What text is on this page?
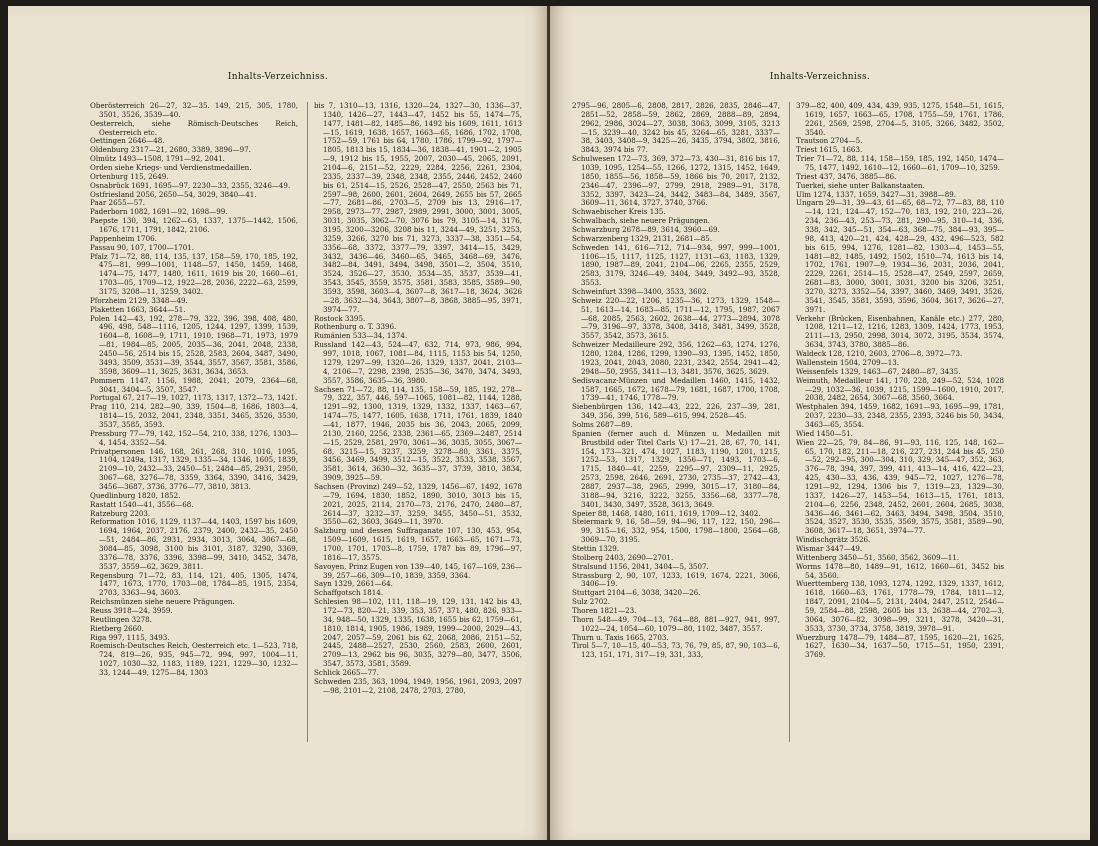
Inhalts-Verzeichniss.

Oberösterreich 26—27, 32—35. 149, 215, 305, 1780, 3501, 3526, 3539—40.

Oesterreich, siehe Römisch-Deutsches Reich, Oesterreich etc.

Oettingen 2646—48.

Oldenburg 2317—21, 2680, 3389, 3896—97.

Olmütz 1493—1508, 1791—92, 2041.

Orden siehe Kriegs- und Verdienstmedaillen.

Ortenburg 115, 2649.

Osnabrück 1691, 1695—97, 2230—33, 2355, 3246—49.

Ostfriesland 2056, 2650—54, 3029, 3840—41.

Paar 2655—57.

Paderborn 1082, 1691—92, 1698—99.

Paepste 130, 394, 1262—63, 1337, 1375—1442, 1506, 1676, 1711, 1791, 1842, 2106.

Pappenheim 1706.

Passau 90, 107, 1700—1701.

Pfalz 71—72, 88, 114, 135, 137, 158—59, 170, 185, 192, 475—81, 999—1001, 1148—57, 1450, 1459, 1468, 1474—75, 1477, 1480, 1611, 1619 bis 20, 1660—61, 1703—05, 1709—12, 1922—28, 2036, 2222—63, 2599, 3175, 3208—11, 3259, 3402.

Pforzheim 2129, 3348—49.

Plaketten 1663, 3644—51.

Polen 142—43, 192, 278—79, 322, 396, 398, 408, 480, 496, 498, 548—1116, 1205, 1244, 1297, 1399, 1539, 1604—8, 1608—9, 1711, 1910, 1968—71, 1973, 1979—81, 1984—85, 2005, 2035—36, 2041, 2048, 2338, 2450—56, 2514 bis 15, 2528, 2583, 2604, 3487, 3490, 3493, 3509, 3531—39, 3544, 3557, 3567, 3581, 3586, 3598, 3609—11, 3625, 3631, 3634, 3653.

Pommern 1147, 1156, 1988, 2041, 2079, 2364—68, 3041, 3404—5, 3507, 3547.

Portugal 67, 217—19, 1027, 1173, 1317, 1372—73, 1421.

Prag 110, 214, 282—90, 339, 1504—8, 1686, 1803—4, 1814—15, 2032, 2041, 2348, 3351, 3465, 3526, 3530, 3537, 3585, 3593.

Pressburg 77—79, 142, 152—54, 210, 338, 1276, 1303—4, 1454, 3352—54.

Privatpersonen 146, 168, 261, 268, 310, 1016, 1095, 1104, 1249a, 1317, 1329, 1335—34, 1346, 1605, 1839, 2109—10, 2432—33, 2450—51, 2484—85, 2931, 2950, 3067—68, 3276—78, 3359, 3364, 3390, 3416, 3429, 3456—3687, 3736, 3776—77, 3810, 3813.

Quedlinburg 1820, 1852.

Rastatt 1540—41, 3556—68.

Ratzeburg 2203.

Reformation 1016, 1129, 1137—44, 1403, 1597 bis 1609, 1694, 1964, 2037, 2176, 2379, 2400, 2432—35, 2450—51, 2484—86, 2931, 2934, 3013, 3064, 3067—68, 3084—85, 3098, 3100 bis 3101, 3187, 3290, 3369, 3376—78, 3376, 3396, 3398—99, 3410, 3452, 3478, 3537, 3559—62, 3629, 3811.

Regensburg 71—72, 83, 114, 121, 405, 1305, 1474, 1477, 1673, 1770, 1703—08, 1784—85, 1915, 2354, 2703, 3363—94, 3603.

Reichsmünzen siehe neuere Prägungen.

Reuss 3918—24, 3959.

Reutlingen 3278.

Rietberg 2660.

Riga 997, 1115, 3493.

Roemisch-Deutsches Reich, Oesterreich etc. 1—523, 718, 724, 819—26, 935, 945—72, 994, 997, 1004—11, 1027, 1030—32, 1183, 1189, 1221, 1229—30, 1232—33, 1244—49, 1275—84, 1303

bis 7, 1310—13, 1316, 1320—24, 1327—30, 1336—37, 1340, 1426—27, 1443—47, 1452 bis 55, 1474—75, 1477, 1481—82, 1485—86, 1492 bis 1609, 1611, 1613—15, 1619, 1638, 1657, 1663—65, 1686, 1702, 1708, 1752—59, 1761 bis 64, 1780, 1786, 1799—92, 1797—1805, 1813 bis 15, 1834—36, 1838—41, 1901—2, 1905—9, 1912 bis 15, 1955, 2007, 2030—45, 2065, 2091, 2104—6, 2151—52, 2229, 2284, 2256, 2261, 2304, 2335, 2337—39, 2348, 2348, 2355, 2446, 2452, 2460 bis 61, 2514—15, 2526, 2528—47, 2550, 2563 bis 71, 2597—98, 2600, 2601, 2604, 2649, 2655 bis 57, 2665—77, 2681—86, 2703—5, 2709 bis 13, 2916—17, 2958, 2973—77, 2987, 2989, 2991, 3000, 3001, 3005, 3031, 3035, 3062—70, 3076 bis 79, 3105—14, 3176, 3195, 3200—3206, 3208 bis 11, 3244—49, 3251, 3253, 3259, 3266, 3270 bis 71, 3273, 3337—38, 3351—54, 3356—68, 3372, 3377—79, 3397, 3414—15, 3429, 3432, 3436—46, 3460—65, 3465, 3468—69, 3476, 3482—84, 3491, 3494, 3498, 3501—2, 3504, 3510, 3524, 3526—27, 3530, 3534—35, 3537, 3539—41, 3543, 3545, 3559, 3575, 3581, 3583, 3585, 3589—90, 3593, 3598, 3603—4, 3607—8, 3617—18, 3624, 3626—28, 3632—34, 3643, 3807—8, 3868, 3885—95, 3971, 3974—77.

Rostock 3395.

Rothenburg o. T. 3396.

Rumänien 533—34, 1374.

Russland 142—43, 524—47, 632, 714, 973, 986, 994, 997, 1018, 1067, 1081—84, 1115, 1153 bis 54, 1250, 1279, 1297—99, 1320—26, 1329, 1337, 2041, 2103—4, 2106—7, 2298, 2398, 2535—36, 3470, 3474, 3493, 3557, 3586, 3635—36, 3980.

Sachsen 71—72, 88, 114, 135, 158—59, 185, 192, 278—79, 322, 357, 446, 597—1065, 1081—82, 1144, 1288, 1291—92, 1300, 1319, 1329, 1332, 1337, 1463—67, 1474—75, 1477, 1605, 1638, 1711, 1761, 1839, 1840—41, 1877, 1946, 2035 bis 36, 2043, 2065, 2099, 2130, 2160, 2256, 2338, 2361—65, 2369—2487, 2514—15, 2529, 2581, 2970, 3061—36, 3035, 3055, 3067—68, 3215—15, 3237, 3259, 3278—80, 3361, 3375, 3456, 3469, 3499, 3512—15, 3522, 3533, 3538, 3567, 3581, 3614, 3630—32, 3635—37, 3739, 3810, 3834, 3909, 3925—59.

Sachsen (Provinz) 249—52, 1329, 1456—67, 1492, 1678—79, 1694, 1830, 1852, 1890, 3010, 3013 bis 15, 2021, 2025, 2114, 2170—73, 2176, 2470, 2480—87, 2614—37, 3232—37, 3259, 3455, 3450—51, 3532, 3550—62, 3603, 3649—11, 3970.

Salzburg und dessen Suffraganate 107, 130, 453, 954, 1509—1609, 1615, 1619, 1657, 1663—65, 1671—73, 1700, 1701, 1703—8, 1759, 1787 bis 89, 1796—97, 1816—17, 3575.

Savoyen, Prinz Eugen von 139—40, 145, 167—169, 236—39, 257—66, 309—10, 1839, 3359, 3364.

Sayn 1329, 2661—64.

Schaffgotsch 1814.

Schlesien 98—102, 111, 118—19, 129, 131, 142 bis 43, 172—73, 820—21, 339, 353, 357, 371, 480, 826, 933—34, 948—50, 1329, 1335, 1638, 1655 bis 62, 1759—61, 1810, 1814, 1905, 1986, 1989, 1999—2000, 2029—43, 2047, 2057—59, 2061 bis 62, 2068, 2086, 2151—52, 2445, 2488—2527, 2530, 2560, 2583, 2600, 2601, 2709—13, 2962 bis 96, 3035, 3279—80, 3477, 3506, 3547, 3573, 3581, 3589.

Schlick 2665—77.

Schweden 235, 363, 1094, 1949, 1956, 1961, 2093, 2097—98, 2101—2, 2108, 2478, 2703, 2780,

Inhalts-Verzeichniss.

2795—96, 2805—6, 2808, 2817, 2826, 2835, 2846—47, 2851—52, 2858—59, 2862, 2869, 2888—89, 2894, 2962, 2986, 3024—27, 3038, 3063, 3099, 3105, 3213—15, 3239—40, 3242 bis 45, 3264—65, 3281, 3337—38, 3403, 3408—9, 3425—26, 3435, 3794, 3802, 3816, 3843, 3974 bis 77.

Schulwesen 172—73, 369, 372—73, 430—31, 816 bis 17, 1039, 1095, 1254—55, 1266, 1272, 1315, 1452, 1649, 1850, 1855—56, 1858—59, 1866 bis 70, 2017, 2132, 2346—47, 2396—97, 2799, 2918, 2989—91, 3178, 3352, 3397, 3423—24, 3442, 3483—84, 3489, 3567, 3609—11, 3614, 3727, 3740, 3766.

Schwaebischer Kreis 135.

Schwalbach, siehe neuere Prägungen.

Schwarzburg 2678—89, 3614, 3960—69.

Schwarzenberg 1329, 2131, 2681—85.

Schweden 141, 616—712, 714—934, 997, 999—1001, 1106—15, 1117, 1125, 1127, 1131—63, 1183, 1329, 1890, 1987—89, 2041, 2104—06, 2265, 2355, 2529, 2583, 3179, 3246—49, 3404, 3449, 3492—93, 3528, 3553.

Schweinfurt 3398—3400, 3533, 3602.

Schweiz 220—22, 1206, 1235—36, 1273, 1329, 1548—51, 1613—14, 1683—85, 1711—12, 1795, 1987, 2067—68, 2085, 2563, 2602, 2638—44, 2773—2894, 3078—79, 3196—97, 3378, 3408, 3418, 3481, 3499, 3528, 3557, 3542, 3573, 3615.

Schweizer Medailleure 292, 356, 1262—63, 1274, 1276, 1280, 1284, 1286, 1299, 1390—93, 1395, 1452, 1850, 1923, 2041, 2043, 2080, 2231, 2342, 2554, 2941—42, 2948—50, 2955, 3411—13, 3481, 3576, 3625, 3629.

Sedisvacanz-Münzen und Medaillen 1460, 1415, 1432, 1587, 1665, 1672, 1678—79, 1681, 1687, 1700, 1708, 1739—41, 1746, 1778—79.

Siebenbürgen 136, 142—43, 222, 226, 237—39, 281, 349, 356, 399, 516, 589—615, 994, 2528—45.

Solms 2687—89.

Spanien (ferner auch d. Münzen u. Medaillen mit Brustbild oder Titel Carls V.) 17—21, 28, 67, 70, 141, 154, 173—321, 474, 1027, 1183, 1190, 1201, 1215, 1252—53, 1317, 1329, 1356—71, 1493, 1703—6, 1715, 1840—41, 2259, 2295—97, 2309—11, 2925, 2573, 2598, 2646, 2691, 2730, 2735—37, 2742—43, 2887, 2937—38, 2965, 2999, 3015—17, 3180—84, 3188—94, 3216, 3222, 3255, 3356—68, 3377—78, 3401, 3430, 3497, 3528, 3613, 3649.

Speier 88, 1468, 1480, 1611, 1619, 1709—12, 3402.

Steiermark 9, 16, 58—59, 94—96, 117, 122, 150, 296—99, 315—16, 332, 954, 1500, 1798—1800, 2564—68, 3069—70, 3195.

Stettin 1329.

Stolberg 2403, 2690—2701.

Stralsund 1156, 2041, 3404—5, 3507.

Strassburg 2, 90, 107, 1233, 1619, 1674, 2221, 3066, 3406—19.

Stuttgart 2104—6, 3038, 3420—26.

Sulz 2702.

Thoren 1821—23.

Thorn 548—49, 704—13, 764—88, 881—927, 941, 997, 1022—24, 1054—60, 1079—80, 1102, 3487, 3557.

Thurn u. Taxis 1665, 2703.

Tirol 5—7, 10—15, 40—53, 73, 76, 79, 85, 87, 90, 103—6, 123, 151, 171, 317—19, 331, 333,

379—82, 400, 409, 434, 439, 935, 1275, 1548—51, 1615, 1619, 1657, 1663—65, 1708, 1755—59, 1761, 1786, 2261, 2569, 2598, 2704—5, 3105, 3266, 3482, 3502, 3540.

Trautson 2704—5.

Triest 1615, 1663.

Trier 71—72, 88, 114, 158—159, 185, 192, 1450, 1474—75, 1477, 1492, 1610—12, 1660—61, 1709—10, 3259.

Triest 437, 3476, 3885—86.

Tuerkei, siehe unter Balkanstaaten.

Ulm 1274, 1337, 1659, 3427—31, 3988—89.

Ungarn 29—31, 39—43, 61—65, 68—72, 77—83, 88, 110—14, 121, 124—47, 152—70, 183, 192, 210, 223—26, 234, 236—43, 253—73, 281, 290—95, 310—14, 336, 338, 342, 345—51, 354—63, 368—75, 384—93, 395—98, 413, 420—21, 424, 428—29, 432, 496—523, 582 bis 615, 994, 1276, 1281—82, 1303—4, 1453—55, 1481—82, 1485, 1492, 1502, 1510—74, 1613 bis 14, 1702, 1761, 1907—9, 1934—36, 2031, 2036, 2041, 2229, 2261, 2514—15, 2528—47, 2549, 2597, 2659, 2681—83, 3000, 3001, 3031, 3200 bis 3206, 3251, 3270, 3273, 3352—54, 3397, 3460, 3469, 3491, 3526, 3541, 3545, 3581, 3593, 3596, 3604, 3617, 3626—27, 3971.

Verkehr (Brücken, Eisenbahnen, Kanäle etc.) 277, 280, 1208, 1211—12, 1216, 1283, 1309, 1424, 1773, 1953, 2111—13, 2950, 2998, 3014, 3072, 3195, 3534, 3574, 3634, 3743, 3780, 3885—86.

Waldeck 128, 1210, 2603, 2706—8, 3972—73.

Wallenstein 1504, 2709—13.

Weissenfels 1329, 1463—67, 2480—87, 3435.

Weimuth, Medailleur 141, 170, 228, 249—52, 524, 1028—29, 1032—36, 1039, 1215, 1599—1600, 1910, 2017, 2038, 2482, 2654, 3067—68, 3560, 3664.

Westphalen 394, 1459, 1682, 1691—93, 1695—99, 1781, 2037, 2230—33, 2348, 2355, 2393, 3246 bis 50, 3434, 3463—65, 3554.

Wied 1450—51.

Wien 22—25, 79, 84—86, 91—93, 116, 125, 148, 162—65, 170, 182, 211—18, 216, 227, 231, 244 bis 45, 250—52, 292—95, 300—304, 310, 329, 345—47, 352, 363, 376—78, 394, 397, 399, 411, 413—14, 416, 422—23, 425, 430—33, 436, 439, 945—72, 1027, 1276—78, 1291—92, 1294, 1306 bis 7, 1319—23, 1329—30, 1337, 1426—27, 1453—54, 1613—15, 1761, 1813, 2104—6, 2256, 2348, 2452, 2601, 2604, 2685, 3038, 3436—46, 3461—62, 3463, 3494, 3498, 3504, 3510, 3524, 3527, 3530, 3535, 3569, 3575, 3581, 3589—90, 3608, 3617—18, 3651, 3974—77.

Windischgrätz 3526.

Wismar 3447—49.

Wittenberg 3450—51, 3560, 3562, 3609—11.

Worms 1478—80, 1489—91, 1612, 1660—61, 3452 bis 54, 3560.

Wuerttemberg 138, 1093, 1274, 1292, 1329, 1337, 1612, 1618, 1660—63, 1761, 1778—79, 1784, 1811—12, 1847, 2091, 2104—5, 2131, 2404, 2447, 2512, 2546—59, 2584—88, 2598, 2605 bis 13, 2638—44, 2702—3, 3064, 3076—82, 3098—99, 3211, 3278, 3420—31, 3533, 3730, 3734, 3758, 3819, 3978—91.

Wuerzburg 1478—79, 1484—87, 1595, 1620—21, 1625, 1627, 1630—34, 1637—50, 1715—51, 1950, 2391, 3769.
